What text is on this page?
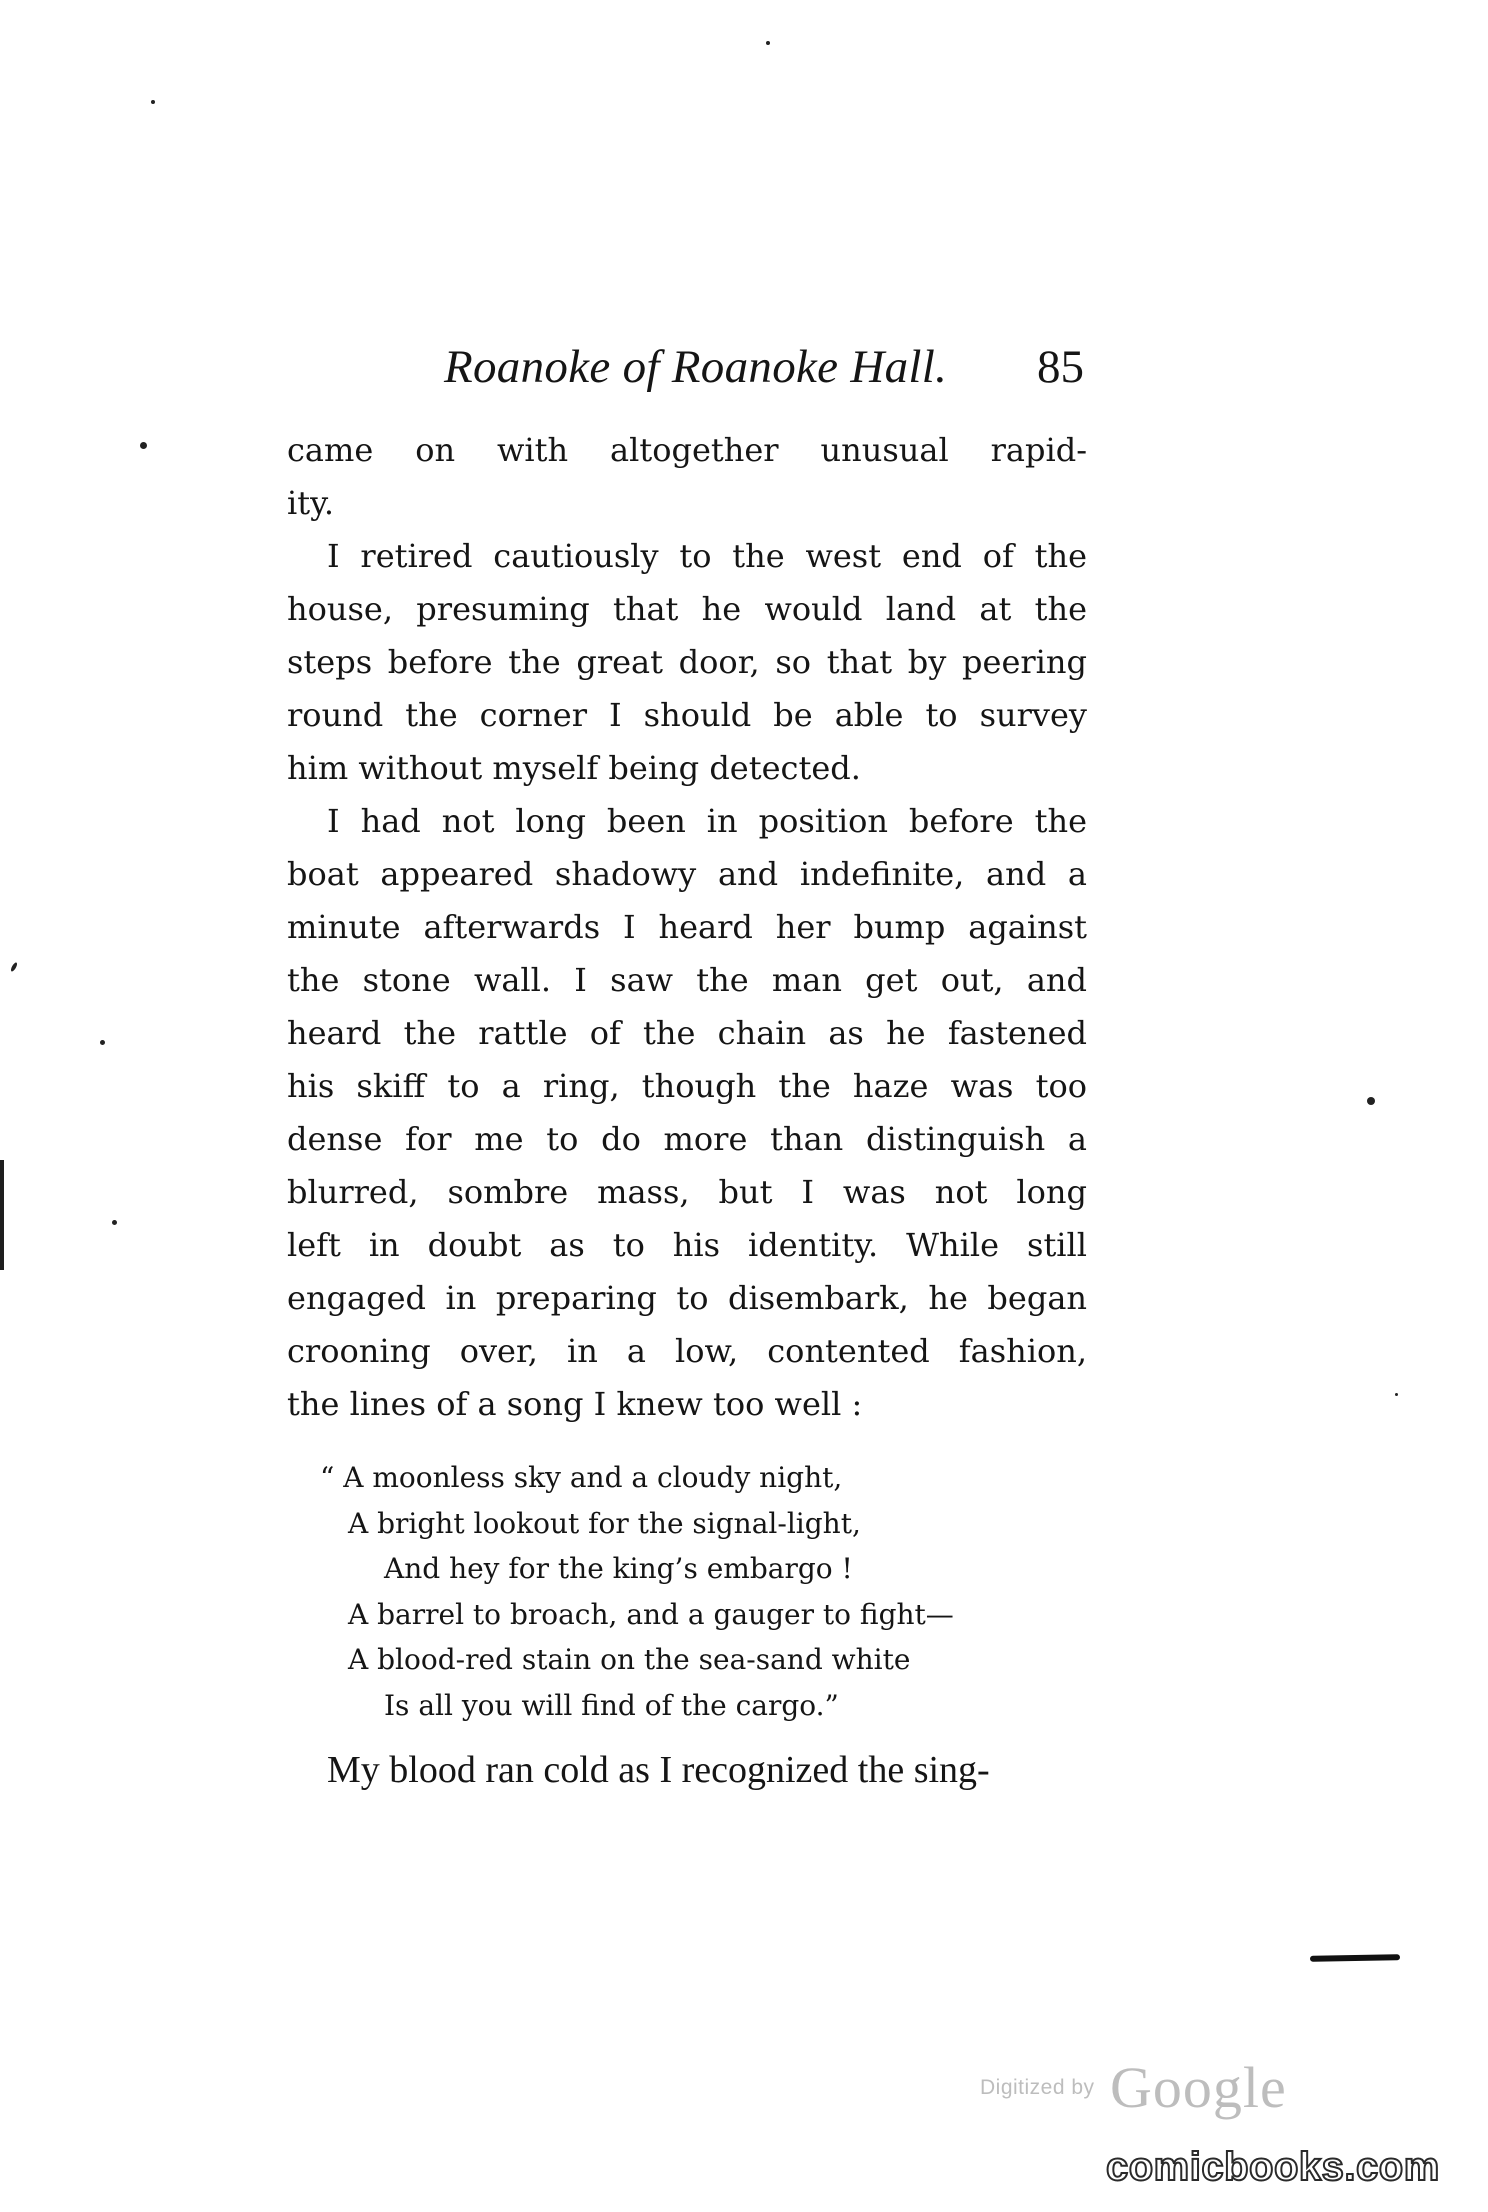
Roanoke of Roanoke Hall. 85
came on with altogether unusual rapid-
ity.
I retired cautiously to the west end of the
house, presuming that he would land at the
steps before the great door, so that by peering
round the corner I should be able to survey
him without myself being detected.
I had not long been in position before the
boat appeared shadowy and indefinite, and a
minute afterwards I heard her bump against
the stone wall. I saw the man get out, and
heard the rattle of the chain as he fastened
his skiff to a ring, though the haze was too
dense for me to do more than distinguish a
blurred, sombre mass, but I was not long
left in doubt as to his identity. While still
engaged in preparing to disembark, he began
crooning over, in a low, contented fashion,
the lines of a song I knew too well :
“ A moonless sky and a cloudy night,
A bright lookout for the signal-light,
And hey for the king’s embargo !
A barrel to broach, and a gauger to fight—
A blood-red stain on the sea-sand white
Is all you will find of the cargo.”
My blood ran cold as I recognized the sing-
Digitized by Google
comicbooks.com
